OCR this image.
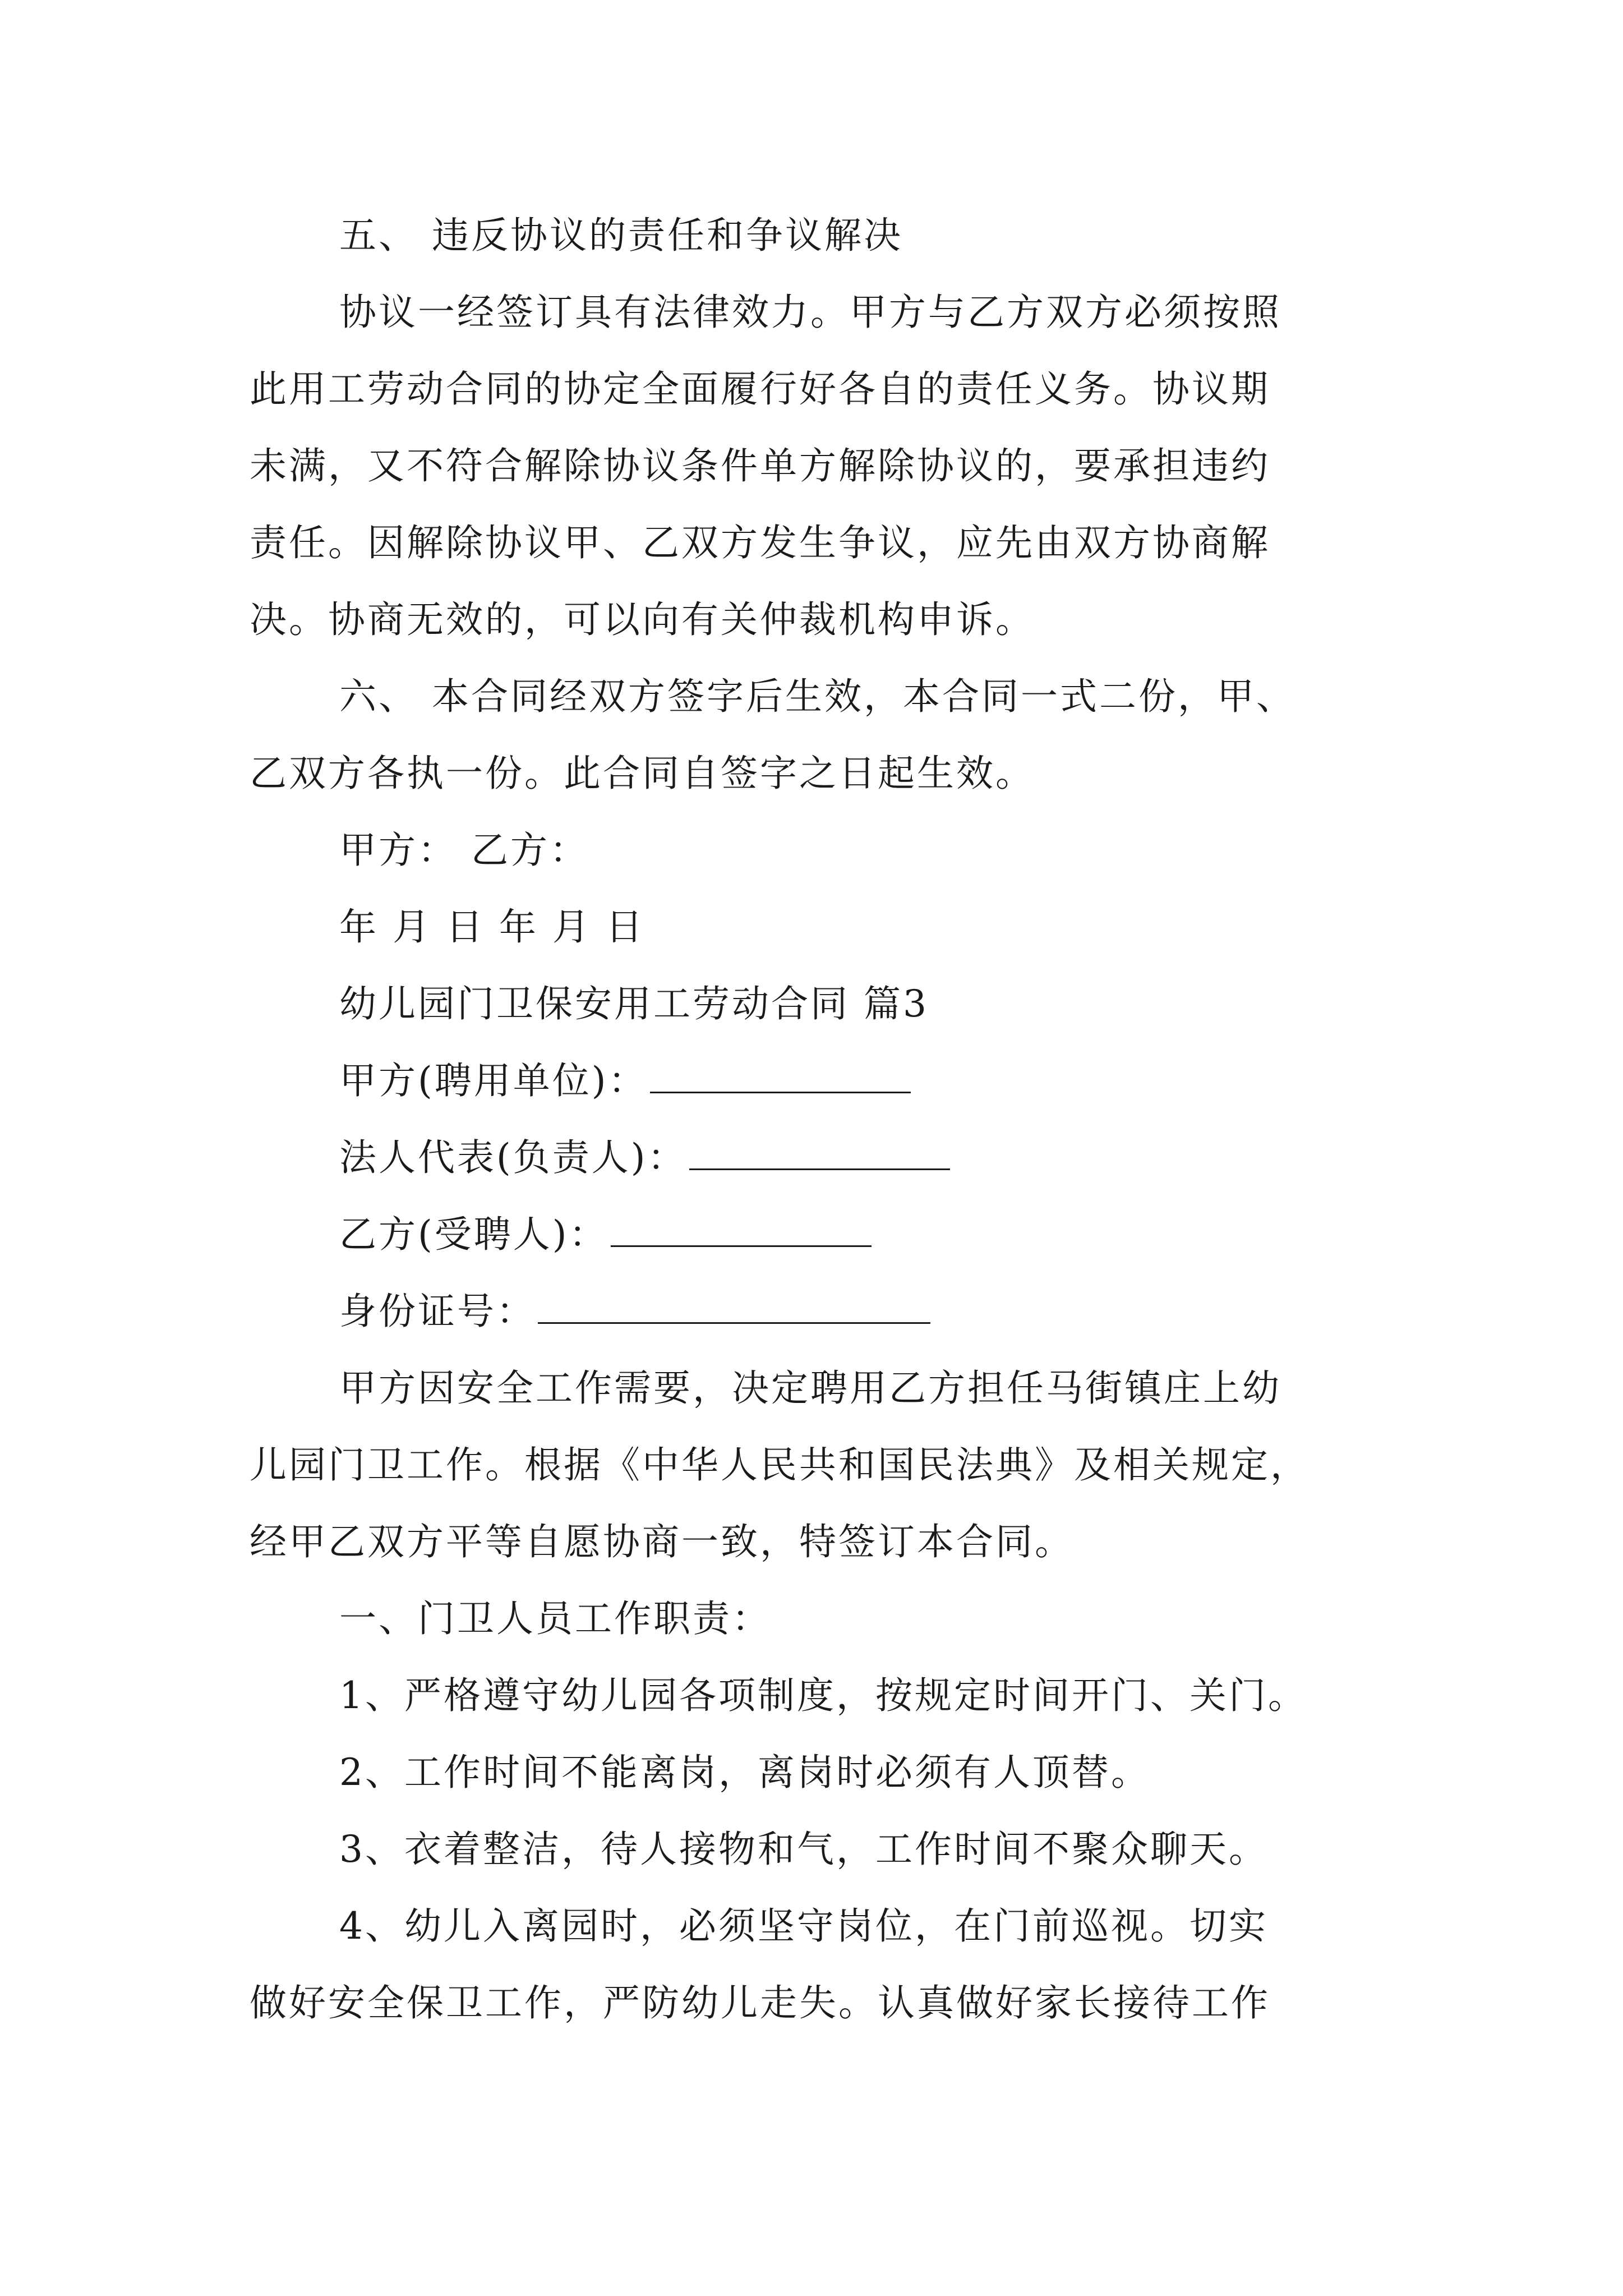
五、 违反协议的责任和争议解决
协议一经签订具有法律效力。甲方与乙方双方必须按照
此用工劳动合同的协定全面履行好各自的责任义务。协议期
未满，又不符合解除协议条件单方解除协议的，要承担违约
责任。因解除协议甲、乙双方发生争议，应先由双方协商解
决。协商无效的，可以向有关仲裁机构申诉。
六、 本合同经双方签字后生效，本合同一式二份，甲、
乙双方各执一份。此合同自签字之日起生效。
甲方： 乙方：
年 月 日 年 月 日
幼儿园门卫保安用工劳动合同 篇3
甲方(聘用单位)：
法人代表(负责人)：
乙方(受聘人)：
身份证号：
甲方因安全工作需要，决定聘用乙方担任马街镇庄上幼
儿园门卫工作。根据《中华人民共和国民法典》及相关规定，
经甲乙双方平等自愿协商一致，特签订本合同。
一、门卫人员工作职责：
1、严格遵守幼儿园各项制度，按规定时间开门、关门。
2、工作时间不能离岗，离岗时必须有人顶替。
3、衣着整洁，待人接物和气，工作时间不聚众聊天。
4、幼儿入离园时，必须坚守岗位，在门前巡视。切实
做好安全保卫工作，严防幼儿走失。认真做好家长接待工作
